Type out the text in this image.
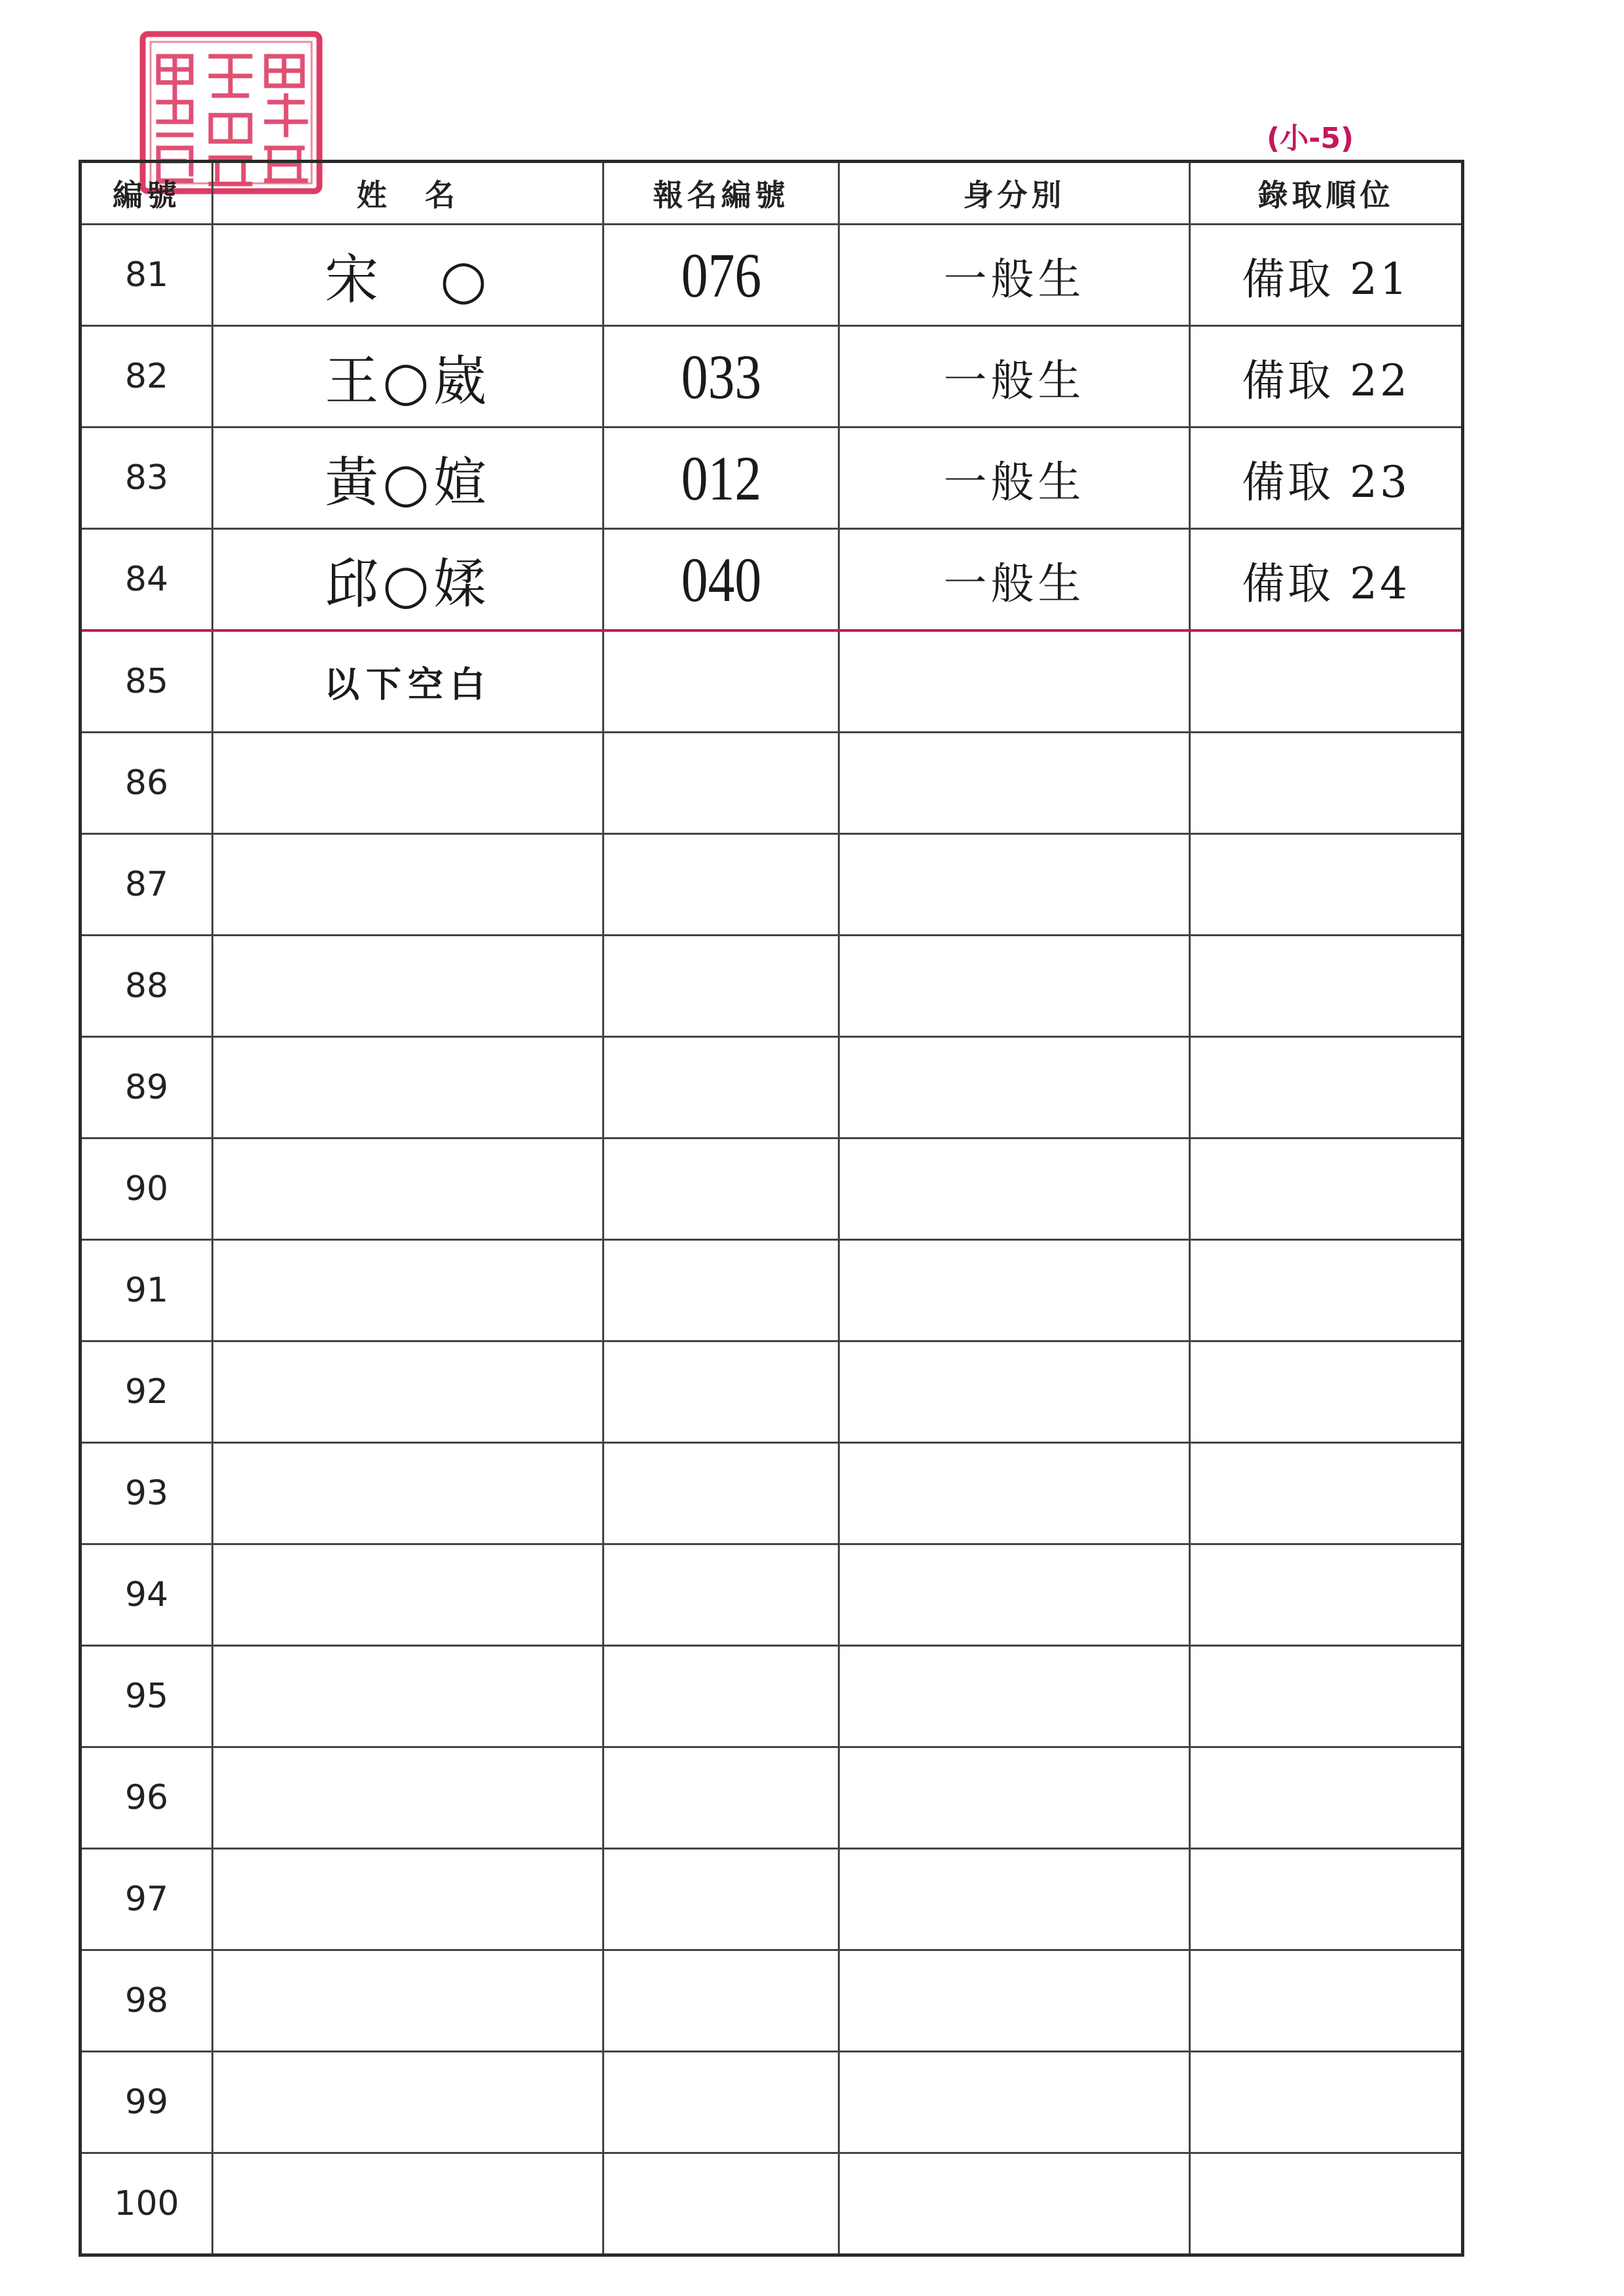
(小-5)
編號	姓　名	報名編號	身分別	錄取順位
81	宋　○	076	一般生	備取 21
82	王○崴	033	一般生	備取 22
83	黃○媗	012	一般生	備取 23
84	邱○媃	040	一般生	備取 24
85	以下空白			
86				
87				
88				
89				
90				
91				
92				
93				
94				
95				
96				
97				
98				
99				
100				
